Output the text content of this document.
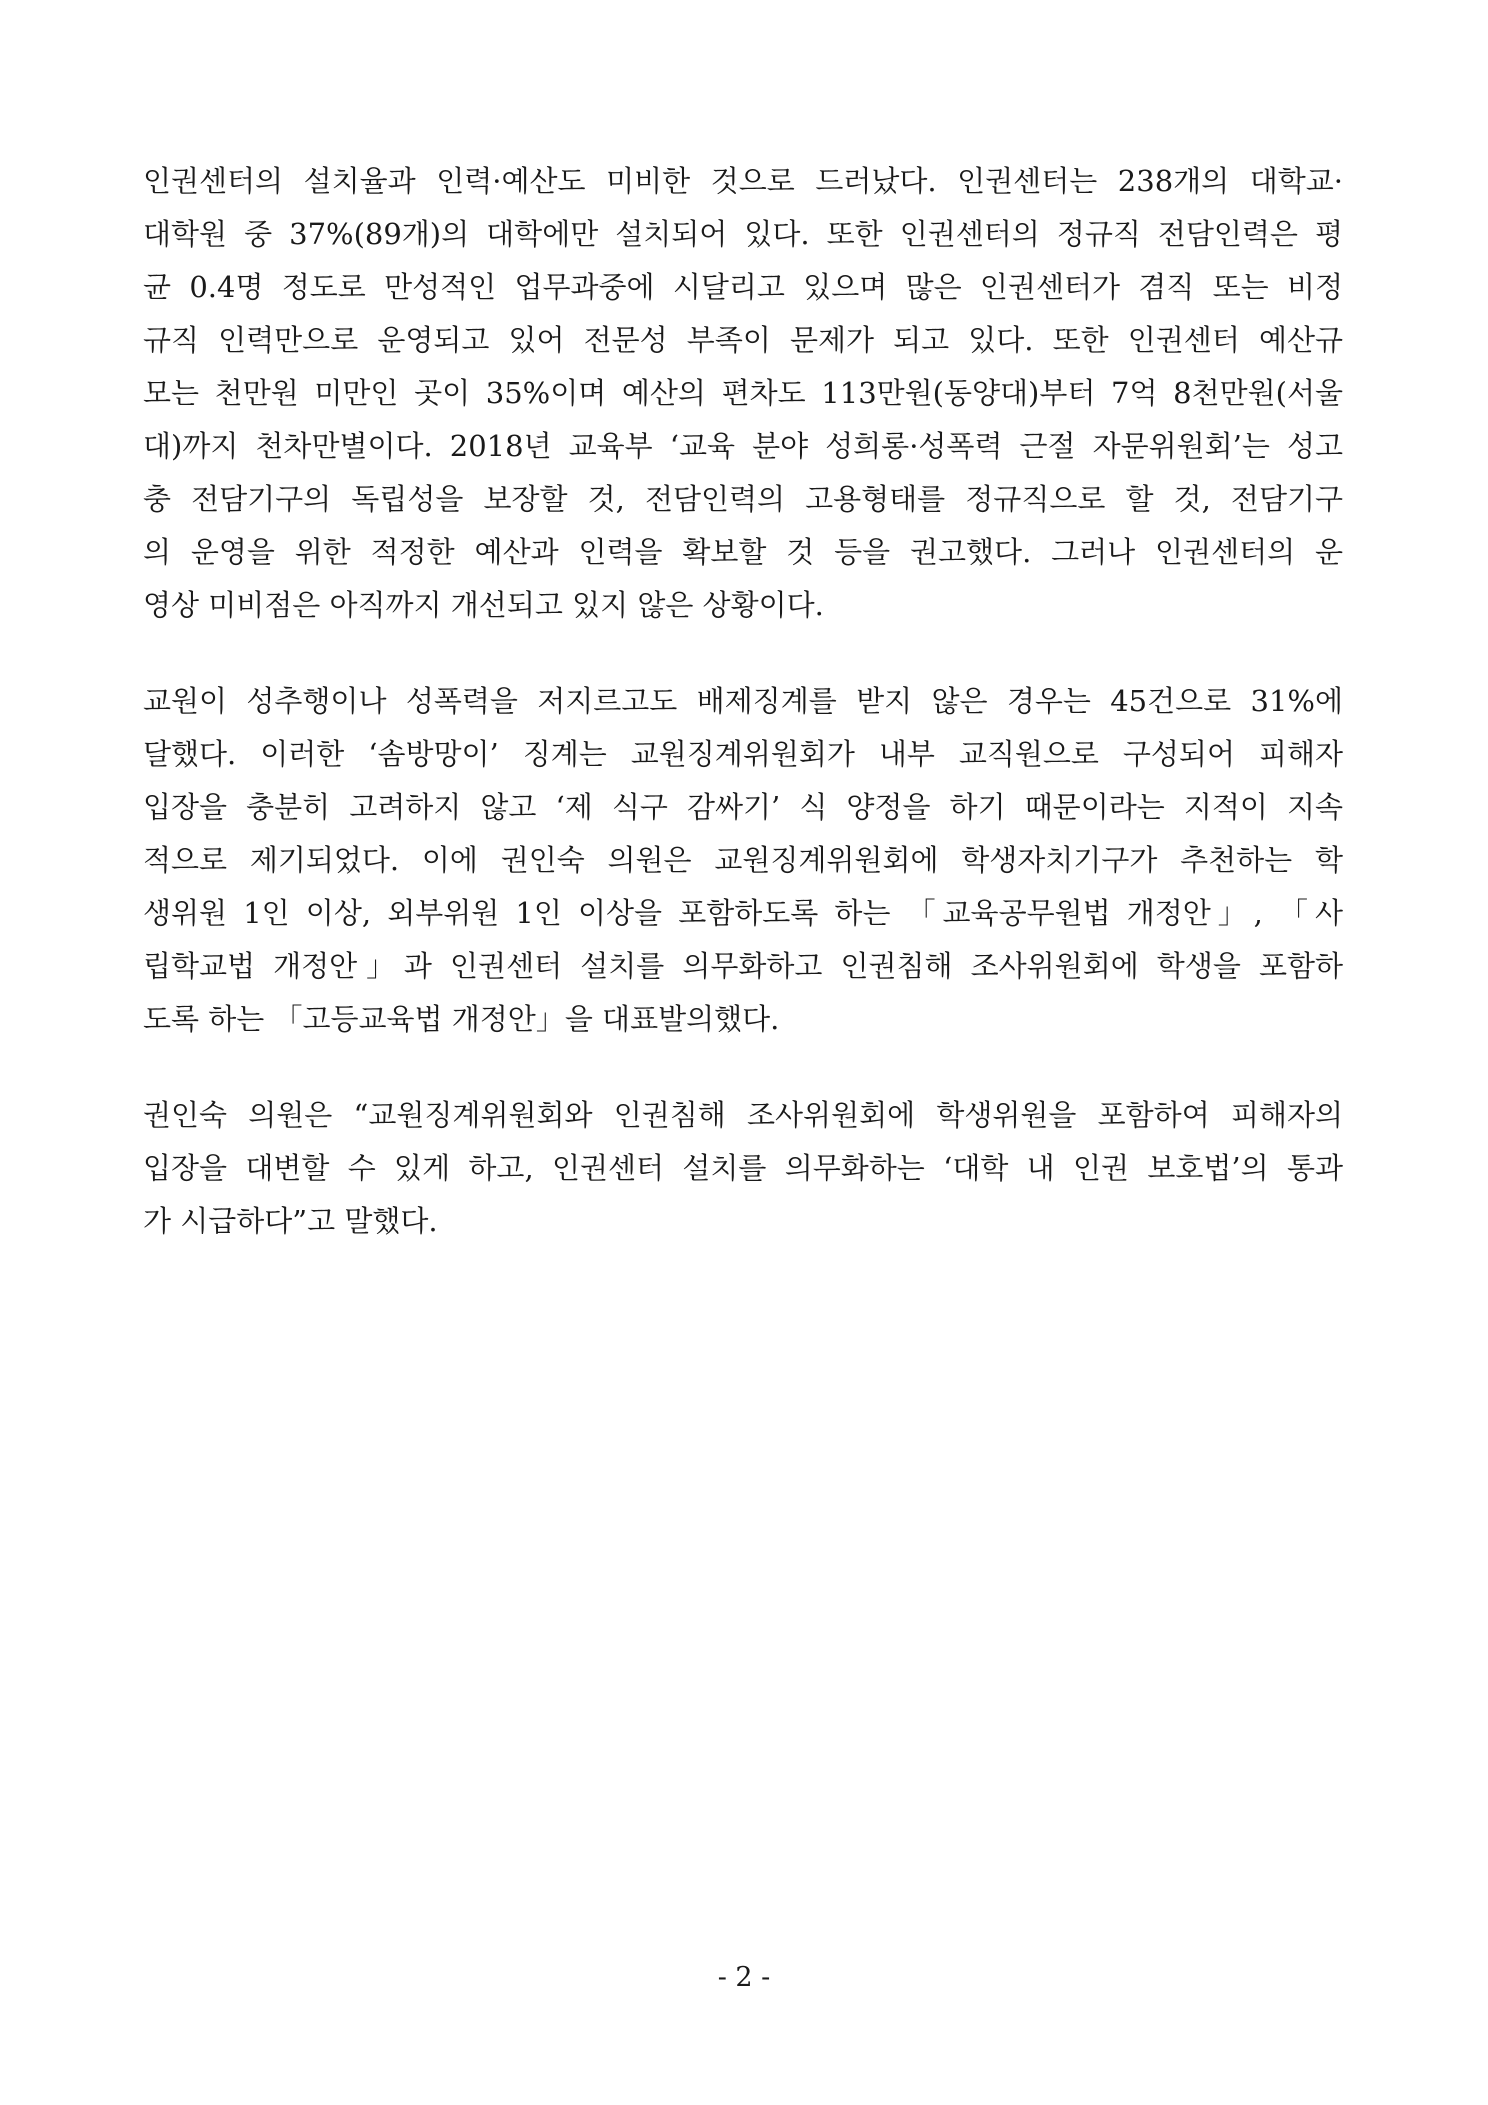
인권센터의 설치율과 인력·예산도 미비한 것으로 드러났다. 인권센터는 238개의 대학교·
대학원 중 37%(89개)의 대학에만 설치되어 있다. 또한 인권센터의 정규직 전담인력은 평
균 0.4명 정도로 만성적인 업무과중에 시달리고 있으며 많은 인권센터가 겸직 또는 비정
규직 인력만으로 운영되고 있어 전문성 부족이 문제가 되고 있다. 또한 인권센터 예산규
모는 천만원 미만인 곳이 35%이며 예산의 편차도 113만원(동양대)부터 7억 8천만원(서울
대)까지 천차만별이다. 2018년 교육부 ‘교육 분야 성희롱·성폭력 근절 자문위원회’는 성고
충 전담기구의 독립성을 보장할 것, 전담인력의 고용형태를 정규직으로 할 것, 전담기구
의 운영을 위한 적정한 예산과 인력을 확보할 것 등을 권고했다. 그러나 인권센터의 운
영상 미비점은 아직까지 개선되고 있지 않은 상황이다.

교원이 성추행이나 성폭력을 저지르고도 배제징계를 받지 않은 경우는 45건으로 31%에
달했다. 이러한 ‘솜방망이’ 징계는 교원징계위원회가 내부 교직원으로 구성되어 피해자
입장을 충분히 고려하지 않고 ‘제 식구 감싸기’ 식 양정을 하기 때문이라는 지적이 지속
적으로 제기되었다. 이에 권인숙 의원은 교원징계위원회에 학생자치기구가 추천하는 학
생위원 1인 이상, 외부위원 1인 이상을 포함하도록 하는 「교육공무원법 개정안」, 「사
립학교법 개정안」과 인권센터 설치를 의무화하고 인권침해 조사위원회에 학생을 포함하
도록 하는 「고등교육법 개정안」을 대표발의했다.

권인숙 의원은 “교원징계위원회와 인권침해 조사위원회에 학생위원을 포함하여 피해자의
입장을 대변할 수 있게 하고, 인권센터 설치를 의무화하는 ‘대학 내 인권 보호법’의 통과
가 시급하다”고 말했다.

- 2 -
